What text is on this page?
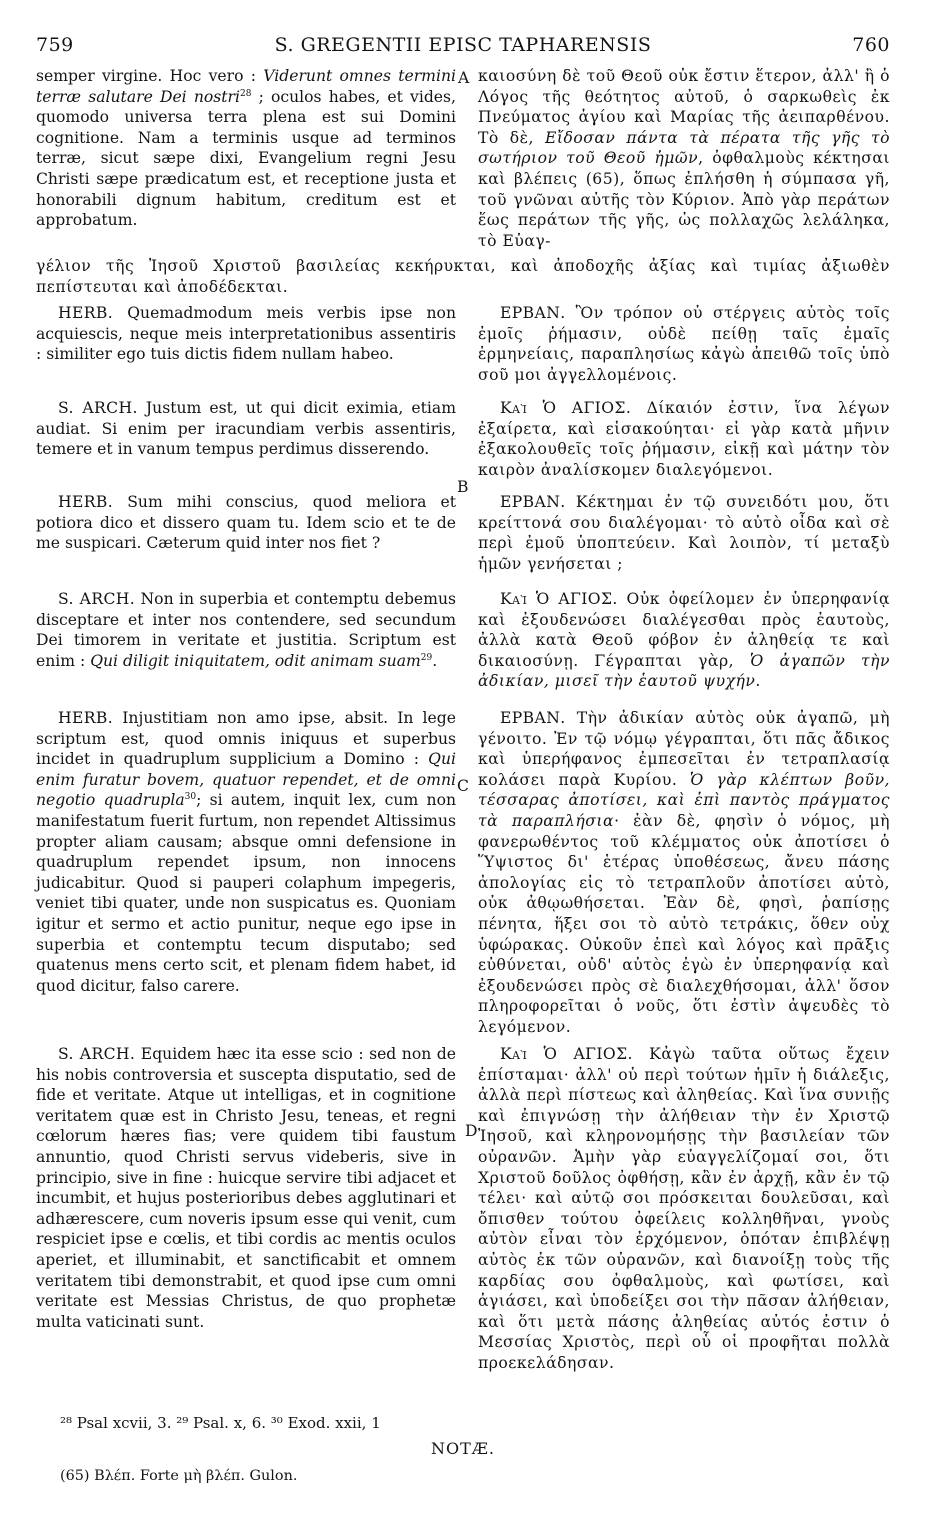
759	S. GREGENTII EPISC TAPHARENSIS	760
A
B
C
D

semper virgine. Hoc vero : Viderunt omnes termini terræ salutare Dei nostri$^{28}$ ; oculos habes, et vides, quomodo universa terra plena est sui Domini cognitione. Nam a terminis usque ad terminos terræ, sicut sæpe dixi, Evangelium regni Jesu Christi sæpe prædicatum est, et receptione justa et honorabili dignum habitum, creditum est et approbatum.

καιοσύνη δὲ τοῦ Θεοῦ οὐκ ἔστιν ἕτερον, ἀλλ' ἢ ὁ Λόγος τῆς θεότητος αὐτοῦ, ὁ σαρκωθεὶς ἐκ Πνεύματος ἁγίου καὶ Μαρίας τῆς ἀειπαρθένου. Τὸ δὲ, Εἴδοσαν πάντα τὰ πέρατα τῆς γῆς τὸ σωτήριον τοῦ Θεοῦ ἡμῶν, ὀφθαλμοὺς κέκτησαι καὶ βλέπεις (65), ὅπως ἐπλήσθη ἡ σύμπασα γῆ, τοῦ γνῶναι αὐτῆς τὸν Κύριον. Ἀπὸ γὰρ περάτων ἕως περάτων τῆς γῆς, ὡς πολλαχῶς λελάληκα, τὸ Εὐαγ-

γέλιον τῆς Ἰησοῦ Χριστοῦ βασιλείας κεκήρυκται, καὶ ἀποδοχῆς ἀξίας καὶ τιμίας ἀξιωθὲν πεπίστευται καὶ ἀποδέδεκται.

HERB. Quemadmodum meis verbis ipse non acquiescis, neque meis interpretationibus assentiris : similiter ego tuis dictis fidem nullam habeo.

S. ARCH. Justum est, ut qui dicit eximia, etiam audiat. Si enim per iracundiam verbis assentiris, temere et in vanum tempus perdimus disserendo.

HERB. Sum mihi conscius, quod meliora et potiora dico et dissero quam tu. Idem scio et te de me suspicari. Cæterum quid inter nos fiet ?

S. ARCH. Non in superbia et contemptu debemus disceptare et inter nos contendere, sed secundum Dei timorem in veritate et justitia. Scriptum est enim : Qui diligit iniquitatem, odit animam suam$^{29}$.

HERB. Injustitiam non amo ipse, absit. In lege scriptum est, quod omnis iniquus et superbus incidet in quadruplum supplicium a Domino : Qui enim furatur bovem, quatuor rependet, et de omni negotio quadrupla$^{30}$; si autem, inquit lex, cum non manifestatum fuerit furtum, non rependet Altissimus propter aliam causam; absque omni defensione in quadruplum rependet ipsum, non innocens judicabitur. Quod si pauperi colaphum impegeris, veniet tibi quater, unde non suspicatus es. Quoniam igitur et sermo et actio punitur, neque ego ipse in superbia et contemptu tecum disputabo; sed quatenus mens certo scit, et plenam fidem habet, id quod dicitur, falso carere.

S. ARCH. Equidem hæc ita esse scio : sed non de his nobis controversia et suscepta disputatio, sed de fide et veritate. Atque ut intelligas, et in cognitione veritatem quæ est in Christo Jesu, teneas, et regni cœlorum hæres fias; vere quidem tibi faustum annuntio, quod Christi servus videberis, sive in principio, sive in fine : huicque servire tibi adjacet et incumbit, et hujus posterioribus debes agglutinari et adhærescere, cum noveris ipsum esse qui venit, cum respiciet ipse e cœlis, et tibi cordis ac mentis oculos aperiet, et illuminabit, et sanctificabit et omnem veritatem tibi demonstrabit, et quod ipse cum omni veritate est Messias Christus, de quo prophetæ multa vaticinati sunt.

ΕΡΒΑΝ. Ὃν τρόπον οὐ στέργεις αὐτὸς τοῖς ἐμοῖς ῥήμασιν, οὐδὲ πείθῃ ταῖς ἐμαῖς ἑρμηνείαις, παραπλησίως κἀγὼ ἀπειθῶ τοῖς ὑπὸ σοῦ μοι ἀγγελλομένοις.

Καὶ Ὁ ΑΓΙΟΣ. Δίκαιόν ἐστιν, ἵνα λέγων ἐξαίρετα, καὶ εἰσακούηται· εἰ γὰρ κατὰ μῆνιν ἐξακολουθεῖς τοῖς ῥήμασιν, εἰκῇ καὶ μάτην τὸν καιρὸν ἀναλίσκομεν διαλεγόμενοι.

ΕΡΒΑΝ. Κέκτημαι ἐν τῷ συνειδότι μου, ὅτι κρείττονά σου διαλέγομαι· τὸ αὐτὸ οἶδα καὶ σὲ περὶ ἐμοῦ ὑποπτεύειν. Καὶ λοιπὸν, τί μεταξὺ ἡμῶν γενήσεται ;

Καὶ Ὁ ΑΓΙΟΣ. Οὐκ ὀφείλομεν ἐν ὑπερηφανίᾳ καὶ ἐξουδενώσει διαλέγεσθαι πρὸς ἑαυτοὺς, ἀλλὰ κατὰ Θεοῦ φόβον ἐν ἀληθείᾳ τε καὶ δικαιοσύνῃ. Γέγραπται γὰρ, Ὁ ἀγαπῶν τὴν ἀδικίαν, μισεῖ τὴν ἑαυτοῦ ψυχήν.

ΕΡΒΑΝ. Τὴν ἀδικίαν αὐτὸς οὐκ ἀγαπῶ, μὴ γένοιτο. Ἐν τῷ νόμῳ γέγραπται, ὅτι πᾶς ἄδικος καὶ ὑπερήφανος ἐμπεσεῖται ἐν τετραπλασίᾳ κολάσει παρὰ Κυρίου. Ὁ γὰρ κλέπτων βοῦν, τέσσαρας ἀποτίσει, καὶ ἐπὶ παντὸς πράγματος τὰ παραπλήσια· ἐὰν δὲ, φησὶν ὁ νόμος, μὴ φανερωθέντος τοῦ κλέμματος οὐκ ἀποτίσει ὁ Ὕψιστος δι' ἑτέρας ὑποθέσεως, ἄνευ πάσης ἀπολογίας εἰς τὸ τετραπλοῦν ἀποτίσει αὐτὸ, οὐκ ἀθῳωθήσεται. Ἐὰν δὲ, φησὶ, ῥαπίσῃς πένητα, ἥξει σοι τὸ αὐτὸ τετράκις, ὅθεν οὐχ ὑφώρακας. Οὐκοῦν ἐπεὶ καὶ λόγος καὶ πρᾶξις εὐθύνεται, οὐδ' αὐτὸς ἐγὼ ἐν ὑπερηφανίᾳ καὶ ἐξουδενώσει πρὸς σὲ διαλεχθήσομαι, ἀλλ' ὅσον πληροφορεῖται ὁ νοῦς, ὅτι ἐστὶν ἀψευδὲς τὸ λεγόμενον.

Καὶ Ὁ ΑΓΙΟΣ. Κἀγὼ ταῦτα οὕτως ἔχειν ἐπίσταμαι· ἀλλ' οὐ περὶ τούτων ἡμῖν ἡ διάλεξις, ἀλλὰ περὶ πίστεως καὶ ἀληθείας. Καὶ ἵνα συνιῇς καὶ ἐπιγνώσῃ τὴν ἀλήθειαν τὴν ἐν Χριστῷ Ἰησοῦ, καὶ κληρονομήσῃς τὴν βασιλείαν τῶν οὐρανῶν. Ἀμὴν γὰρ εὐαγγελίζομαί σοι, ὅτι Χριστοῦ δοῦλος ὀφθήσῃ, κἂν ἐν ἀρχῇ, κἂν ἐν τῷ τέλει· καὶ αὐτῷ σοι πρόσκειται δουλεῦσαι, καὶ ὄπισθεν τούτου ὀφείλεις κολληθῆναι, γνοὺς αὐτὸν εἶναι τὸν ἐρχόμενον, ὁπόταν ἐπιβλέψῃ αὐτὸς ἐκ τῶν οὐρανῶν, καὶ διανοίξῃ τοὺς τῆς καρδίας σου ὀφθαλμοὺς, καὶ φωτίσει, καὶ ἁγιάσει, καὶ ὑποδείξει σοι τὴν πᾶσαν ἀλήθειαν, καὶ ὅτι μετὰ πάσης ἀληθείας αὐτός ἐστιν ὁ Μεσσίας Χριστὸς, περὶ οὗ οἱ προφῆται πολλὰ προεκελάδησαν.

²⁸ Psal xcvii, 3. ²⁹ Psal. x, 6. ³⁰ Exod. xxii, 1
NOTÆ.
(65) Βλέπ. Forte μὴ βλέπ. Gulon.
